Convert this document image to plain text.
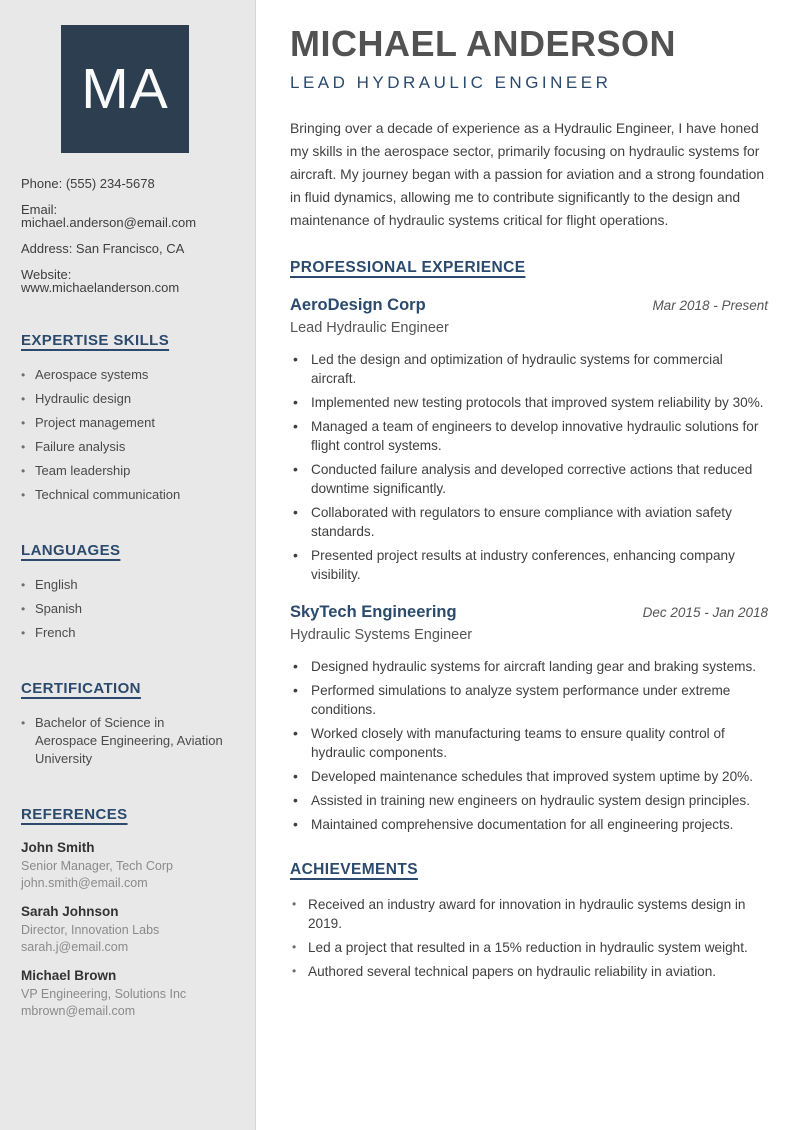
MA
Phone: (555) 234-5678
Email: michael.anderson@email.com
Address: San Francisco, CA
Website: www.michaelanderson.com
EXPERTISE SKILLS
• Aerospace systems
• Hydraulic design
• Project management
• Failure analysis
• Team leadership
• Technical communication
LANGUAGES
• English
• Spanish
• French
CERTIFICATION
• Bachelor of Science in Aerospace Engineering, Aviation University
REFERENCES
John Smith
Senior Manager, Tech Corp
john.smith@email.com
Sarah Johnson
Director, Innovation Labs
sarah.j@email.com
Michael Brown
VP Engineering, Solutions Inc
mbrown@email.com
MICHAEL ANDERSON
LEAD HYDRAULIC ENGINEER

Bringing over a decade of experience as a Hydraulic Engineer, I have honed my skills in the aerospace sector, primarily focusing on hydraulic systems for aircraft. My journey began with a passion for aviation and a strong foundation in fluid dynamics, allowing me to contribute significantly to the design and maintenance of hydraulic systems critical for flight operations.

PROFESSIONAL EXPERIENCE
AeroDesign Corp	Mar 2018 - Present
Lead Hydraulic Engineer
• Led the design and optimization of hydraulic systems for commercial aircraft.
• Implemented new testing protocols that improved system reliability by 30%.
• Managed a team of engineers to develop innovative hydraulic solutions for flight control systems.
• Conducted failure analysis and developed corrective actions that reduced downtime significantly.
• Collaborated with regulators to ensure compliance with aviation safety standards.
• Presented project results at industry conferences, enhancing company visibility.
SkyTech Engineering	Dec 2015 - Jan 2018
Hydraulic Systems Engineer
• Designed hydraulic systems for aircraft landing gear and braking systems.
• Performed simulations to analyze system performance under extreme conditions.
• Worked closely with manufacturing teams to ensure quality control of hydraulic components.
• Developed maintenance schedules that improved system uptime by 20%.
• Assisted in training new engineers on hydraulic system design principles.
• Maintained comprehensive documentation for all engineering projects.
ACHIEVEMENTS
• Received an industry award for innovation in hydraulic systems design in 2019.
• Led a project that resulted in a 15% reduction in hydraulic system weight.
• Authored several technical papers on hydraulic reliability in aviation.
